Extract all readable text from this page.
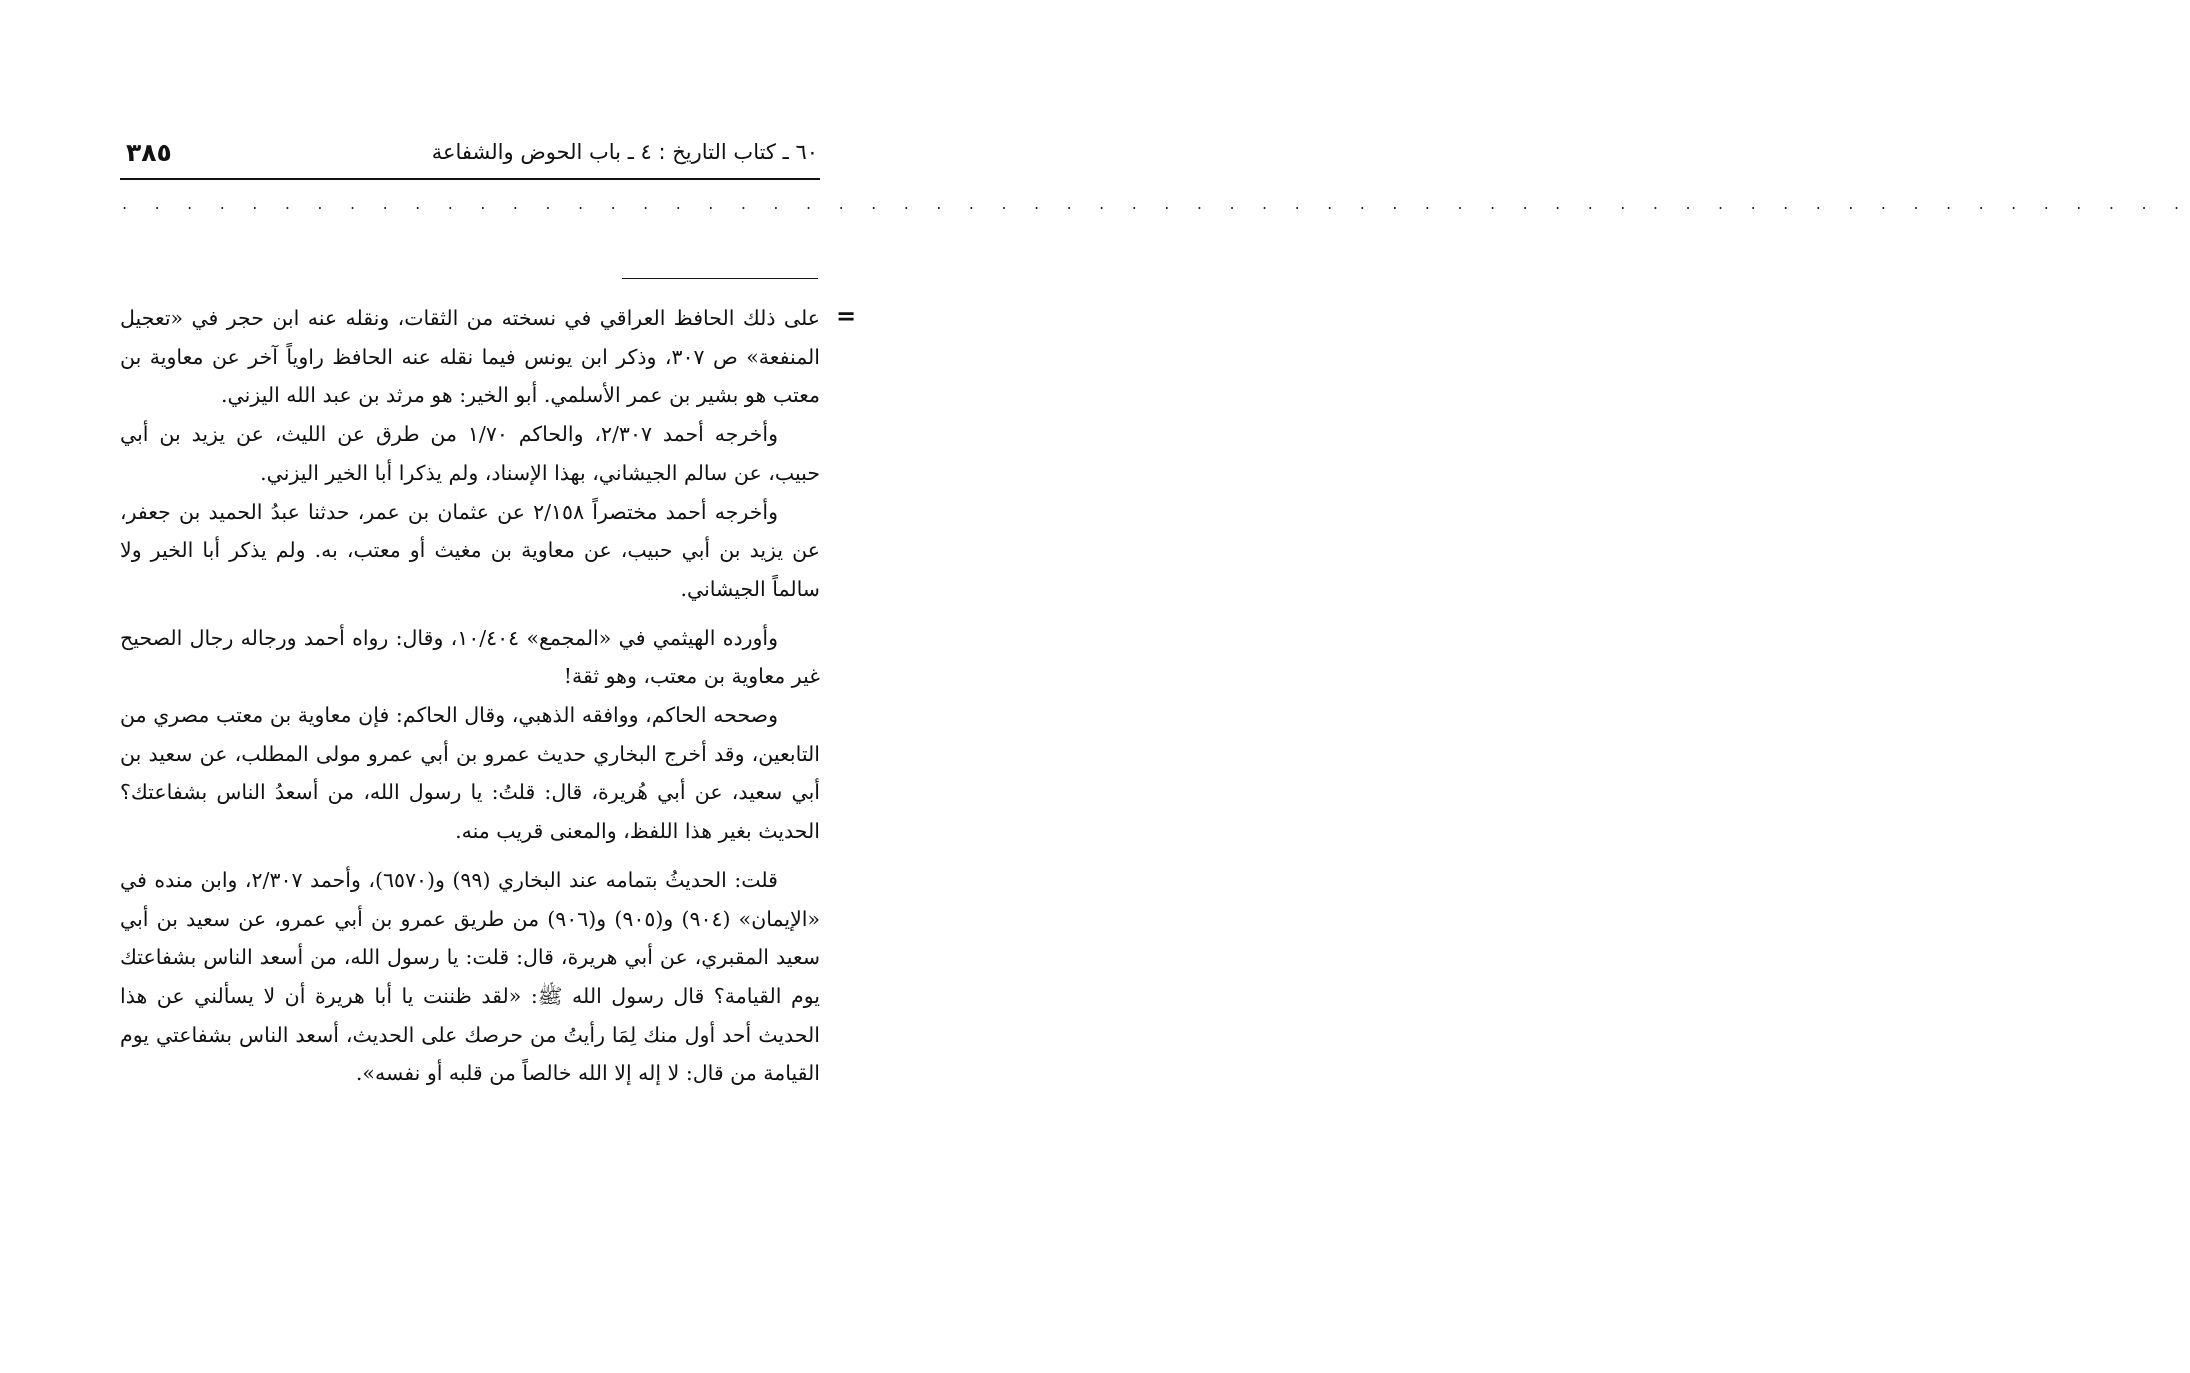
٣٨٥	٦٠ ـ كتاب التاريخ : ٤ ـ باب الحوض والشفاعة
. . . . . . . . . . . . . . . . . . . . . . . . . . . . . . . . . . . . . . . . . . . . . . . . . . . . . . . . . . . . . . . .
=

على ذلك الحافظ العراقي في نسخته من الثقات، ونقله عنه ابن حجر في «تعجيل المنفعة» ص ٣٠٧، وذكر ابن يونس فيما نقله عنه الحافظ راوياً آخر عن معاوية بن معتب هو بشير بن عمر الأسلمي. أبو الخير: هو مرثد بن عبد الله اليزني.

وأخرجه أحمد ٢/٣٠٧، والحاكم ١/٧٠ من طرق عن الليث، عن يزيد بن أبي حبيب، عن سالم الجيشاني، بهذا الإسناد، ولم يذكرا أبا الخير اليزني.

وأخرجه أحمد مختصراً ٢/١٥٨ عن عثمان بن عمر، حدثنا عبدُ الحميد بن جعفر، عن يزيد بن أبي حبيب، عن معاوية بن مغيث أو معتب، به. ولم يذكر أبا الخير ولا سالماً الجيشاني.

وأورده الهيثمي في «المجمع» ١٠/٤٠٤، وقال: رواه أحمد ورجاله رجال الصحيح غير معاوية بن معتب، وهو ثقة!

وصححه الحاكم، ووافقه الذهبي، وقال الحاكم: فإن معاوية بن معتب مصري من التابعين، وقد أخرج البخاري حديث عمرو بن أبي عمرو مولى المطلب، عن سعيد بن أبي سعيد، عن أبي هُريرة، قال: قلتُ: يا رسول الله، من أسعدُ الناس بشفاعتك؟ الحديث بغير هذا اللفظ، والمعنى قريب منه.

قلت: الحديثُ بتمامه عند البخاري (٩٩) و(٦٥٧٠)، وأحمد ٢/٣٠٧، وابن منده في «الإيمان» (٩٠٤) و(٩٠٥) و(٩٠٦) من طريق عمرو بن أبي عمرو، عن سعيد بن أبي سعيد المقبري، عن أبي هريرة، قال: قلت: يا رسول الله، من أسعد الناس بشفاعتك يوم القيامة؟ قال رسول الله ﷺ: «لقد ظننت يا أبا هريرة أن لا يسألني عن هذا الحديث أحد أول منك لِمَا رأيتُ من حرصك على الحديث، أسعد الناس بشفاعتي يوم القيامة من قال: لا إله إلا الله خالصاً من قلبه أو نفسه».
